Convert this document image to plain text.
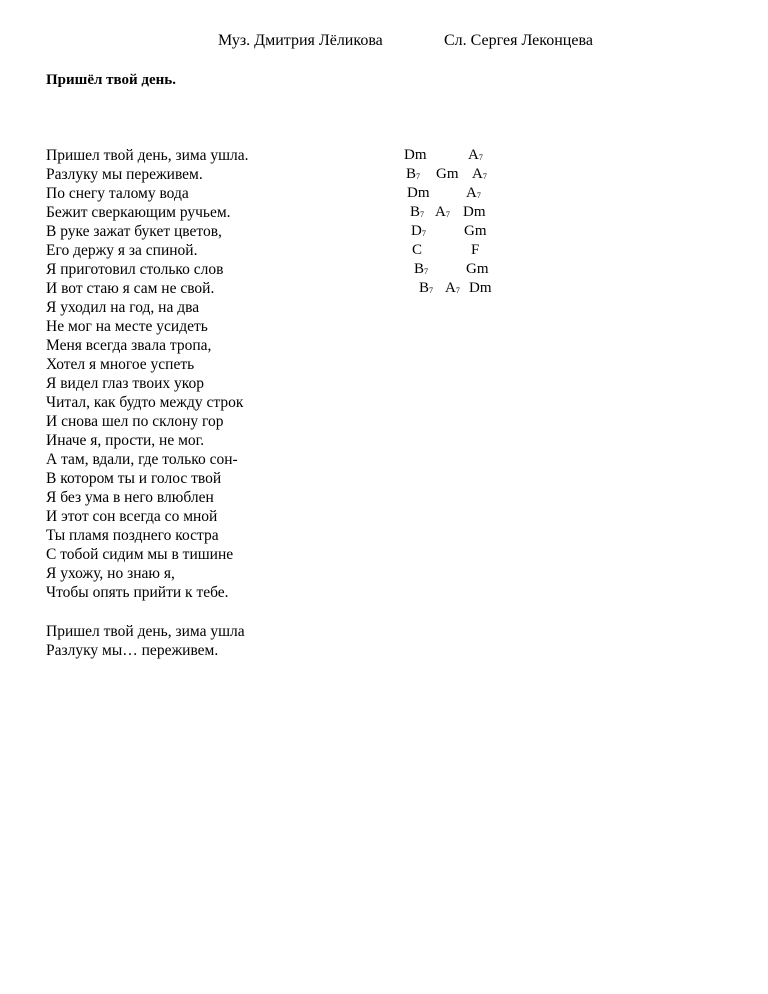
Муз. Дмитрия Лёликова	Сл. Сергея Леконцева
Пришёл твой день.
Пришел твой день, зима ушла.
Разлуку мы переживем.
По снегу талому вода
Бежит сверкающим ручьем.
В руке зажат букет цветов,
Его держу я за спиной.
Я приготовил столько слов
И вот стаю я сам не свой.
Я уходил на год, на два
Не мог на месте усидеть
Меня всегда звала тропа,
Хотел я многое успеть
Я видел глаз твоих укор
Читал, как будто между строк
И снова шел по склону гор
Иначе я, прости, не мог.
А там, вдали, где только сон-
В котором ты и голос твой
Я без ума в него влюблен
И этот сон всегда со мной
Ты пламя позднего костра
С тобой сидим мы в тишине
Я ухожу, но знаю я,
Чтобы опять прийти к тебе.
Пришел твой день, зима ушла
Разлуку мы… переживем.
Dm	$A_7$
$B_7$ Gm $A_7$
Dm $A_7$
$B_7$ $A_7$ Dm
$D_7$	Gm
C	F
$B_7$	Gm
$B_7$ $A_7$ Dm
